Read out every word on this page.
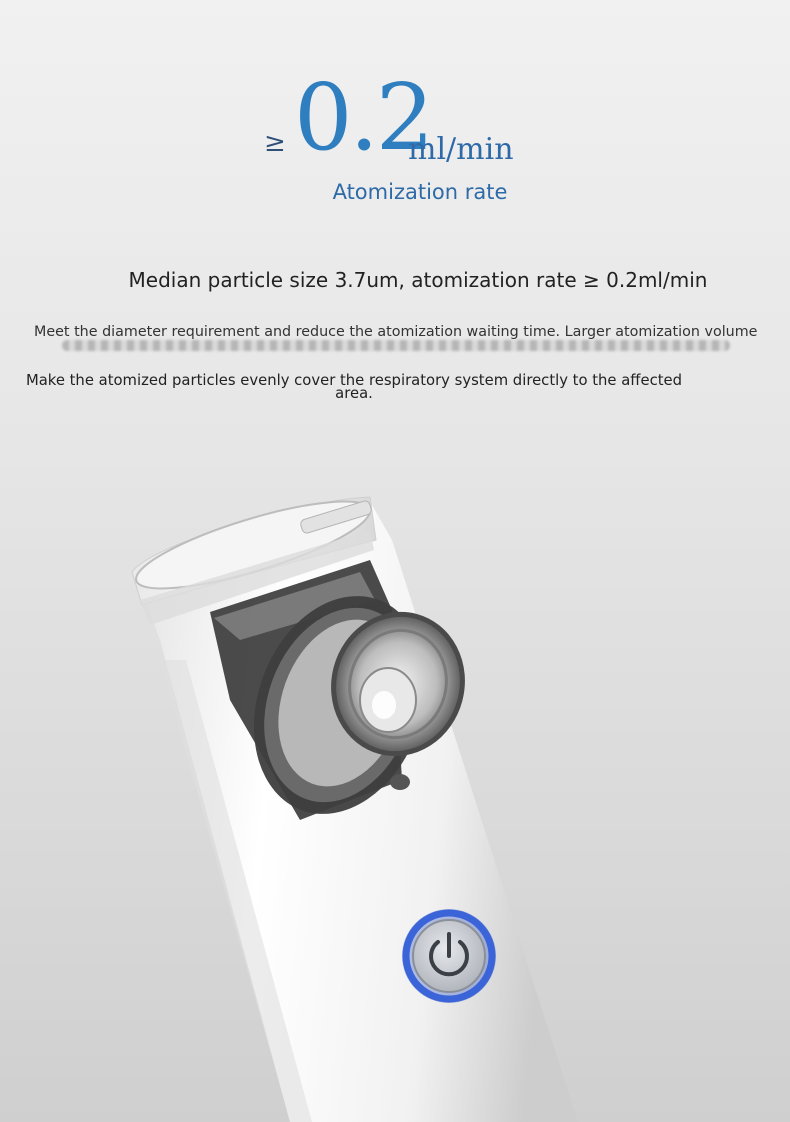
≥ 0.2
ml/min
Atomization rate
Median particle size 3.7um, atomization rate ≥ 0.2ml/min
Meet the diameter requirement and reduce the atomization waiting time. Larger atomization volume
Make the atomized particles evenly cover the respiratory system directly to the affected area.
